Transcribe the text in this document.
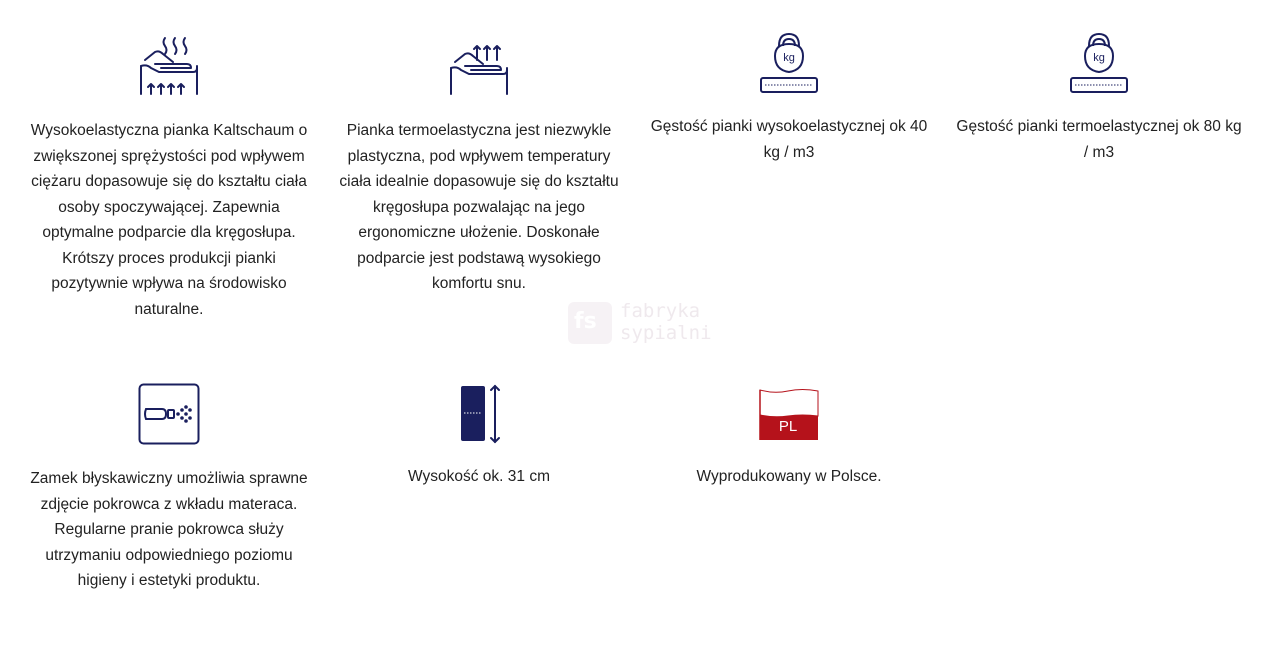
Wysokoelastyczna pianka Kaltschaum o zwiększonej sprężystości pod wpływem ciężaru dopasowuje się do kształtu ciała osoby spoczywającej. Zapewnia optymalne podparcie dla kręgosłupa. Krótszy proces produkcji pianki pozytywnie wpływa na środowisko naturalne.
Pianka termoelastyczna jest niezwykle plastyczna, pod wpływem temperatury ciała idealnie dopasowuje się do kształtu kręgosłupa pozwalając na jego ergonomiczne ułożenie. Doskonałe podparcie jest podstawą wysokiego komfortu snu.
kg
Gęstość pianki wysokoelastycznej ok 40 kg / m3
kg
Gęstość pianki termoelastycznej ok 80 kg / m3
Zamek błyskawiczny umożliwia sprawne zdjęcie pokrowca z wkładu materaca. Regularne pranie pokrowca służy utrzymaniu odpowiedniego poziomu higieny i estetyki produktu.
Wysokość ok. 31 cm
PL
Wyprodukowany w Polsce.
fs fabryka
sypialni
